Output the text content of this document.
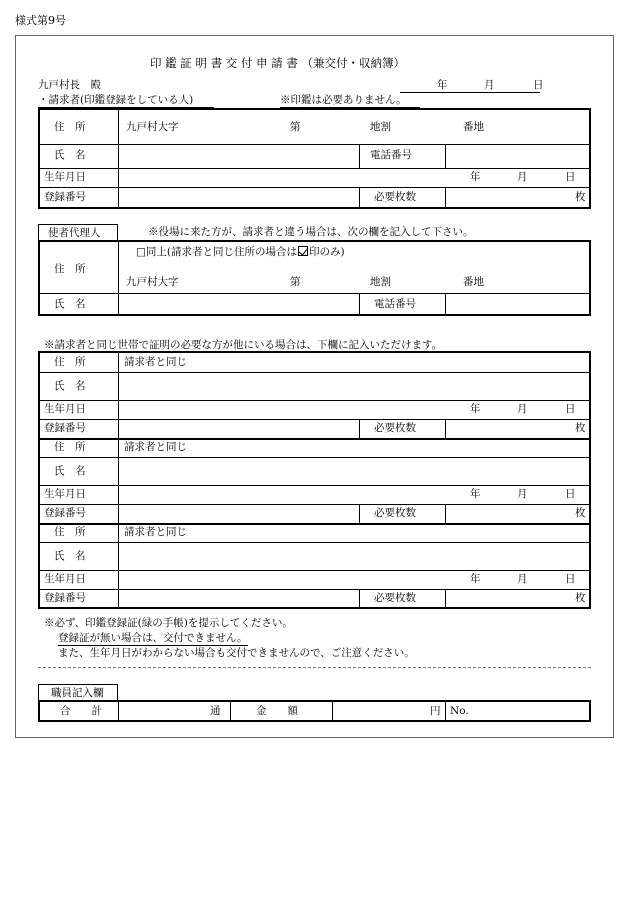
様式第9号
印 鑑 証 明 書 交 付 申 請 書 （兼交付・収納簿）
九戸村長　殿	年	月	日
・請求者(印鑑登録をしている人)	※印鑑は必要ありません。
住　所	九戸村大字	第	地割	番地
氏　名	電話番号
生年月日	年	月	日
登録番号	必要枚数	枚
使者代理人	※役場に来た方が、請求者と違う場合は、次の欄を記入して下さい。
□同上(請求者と同じ住所の場合は 印のみ)
住　所
九戸村大字	第	地割	番地
氏　名	電話番号
※請求者と同じ世帯で証明の必要な方が他にいる場合は、下欄に記入いただけます。
住　所	請求者と同じ
氏　名
生年月日	年	月	日
登録番号	必要枚数	枚
住　所	請求者と同じ
氏　名
生年月日	年	月	日
登録番号	必要枚数	枚
住　所	請求者と同じ
氏　名
生年月日	年	月	日
登録番号	必要枚数	枚
※必ず、印鑑登録証(緑の手帳)を提示してください。
登録証が無い場合は、交付できません。
また、生年月日がわからない場合も交付できませんので、ご注意ください。
職員記入欄
合　　計	通	金　　額	円 No.
